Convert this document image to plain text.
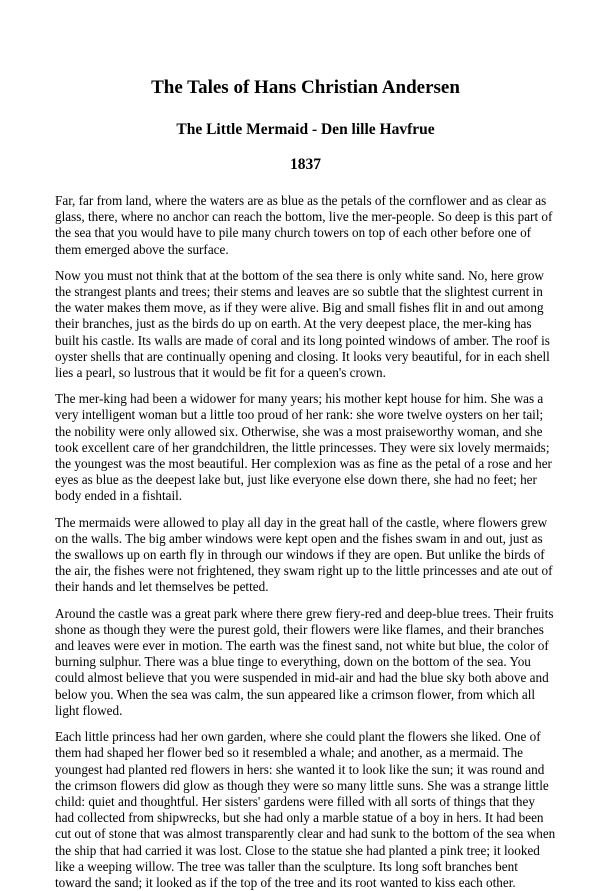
The Tales of Hans Christian Andersen
The Little Mermaid - Den lille Havfrue
1837

Far, far from land, where the waters are as blue as the petals of the cornflower and as clear as glass, there, where no anchor can reach the bottom, live the mer-people. So deep is this part of the sea that you would have to pile many church towers on top of each other before one of them emerged above the surface.

Now you must not think that at the bottom of the sea there is only white sand. No, here grow the strangest plants and trees; their stems and leaves are so subtle that the slightest current in the water makes them move, as if they were alive. Big and small fishes flit in and out among their branches, just as the birds do up on earth. At the very deepest place, the mer-king has built his castle. Its walls are made of coral and its long pointed windows of amber. The roof is oyster shells that are continually opening and closing. It looks very beautiful, for in each shell lies a pearl, so lustrous that it would be fit for a queen's crown.

The mer-king had been a widower for many years; his mother kept house for him. She was a very intelligent woman but a little too proud of her rank: she wore twelve oysters on her tail; the nobility were only allowed six. Otherwise, she was a most praiseworthy woman, and she took excellent care of her grandchildren, the little princesses. They were six lovely mermaids; the youngest was the most beautiful. Her complexion was as fine as the petal of a rose and her eyes as blue as the deepest lake but, just like everyone else down there, she had no feet; her body ended in a fishtail.

The mermaids were allowed to play all day in the great hall of the castle, where flowers grew on the walls. The big amber windows were kept open and the fishes swam in and out, just as the swallows up on earth fly in through our windows if they are open. But unlike the birds of the air, the fishes were not frightened, they swam right up to the little princesses and ate out of their hands and let themselves be petted.

Around the castle was a great park where there grew fiery-red and deep-blue trees. Their fruits shone as though they were the purest gold, their flowers were like flames, and their branches and leaves were ever in motion. The earth was the finest sand, not white but blue, the color of burning sulphur. There was a blue tinge to everything, down on the bottom of the sea. You could almost believe that you were suspended in mid-air and had the blue sky both above and below you. When the sea was calm, the sun appeared like a crimson flower, from which all light flowed.

Each little princess had her own garden, where she could plant the flowers she liked. One of them had shaped her flower bed so it resembled a whale; and another, as a mermaid. The youngest had planted red flowers in hers: she wanted it to look like the sun; it was round and the crimson flowers did glow as though they were so many little suns. She was a strange little child: quiet and thoughtful. Her sisters' gardens were filled with all sorts of things that they had collected from shipwrecks, but she had only a marble statue of a boy in hers. It had been cut out of stone that was almost transparently clear and had sunk to the bottom of the sea when the ship that had carried it was lost. Close to the statue she had planted a pink tree; it looked like a weeping willow. The tree was taller than the sculpture. Its long soft branches bent toward the sand; it looked as if the top of the tree and its root wanted to kiss each other.
